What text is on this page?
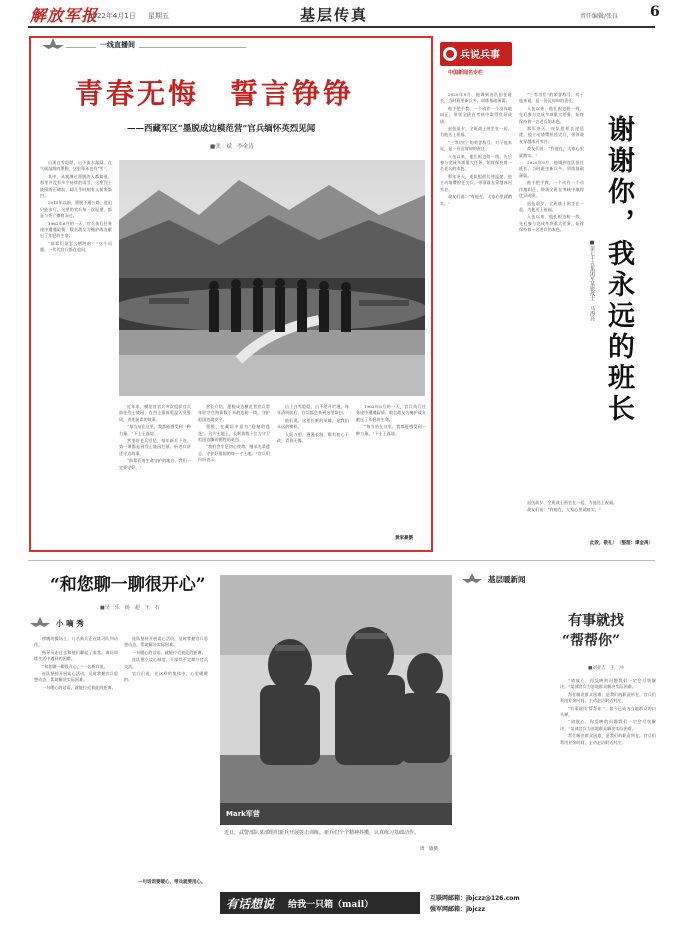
解放军报
2022年4月1日 星期五	基层传真	责任编辑/张良 6
一线直播间
青春无悔　誓言铮铮
——西藏军区“墨脱成边模范营”官兵缅怀英烈见闻
■张　斌　李金涛

山顶白雪皑皑，山下流水潺潺。在气候湿润的墨脱，这里每年也有“雪”。

其中，从观测过墨脱的人都知道，那里并没有多少持续的雨雪，这座烈士陵园的石碑前，却几乎时刻有人前来祭扫。

2015年以前，墨脱不通公路，进出只能步行。这里的官兵每一次巡逻，都是与死亡擦肩而过。

1962年6月的一天，官兵执行任务途中遭遇险情，数名战友为掩护战友献出了年轻的生命。

“前辈们是怎么牺牲的？”这个问题，一代代官兵都在追问。

近年来，模范营官兵多次组织官兵前往烈士陵园，在烈士墓前重温入党誓词，讲述前辈的故事。

“每当站在这里，我都能感受到一种力量。”下士王磊说。

营里的老兵回忆，每年新兵下连，第一课都是到烈士陵园扫墓，听老兵讲述守边故事。

“前辈们用生命守护的地方，我们一定要守好。”

营长介绍，墨脱成边模范营官兵常年驻守在海拔数千米的边防一线，守护祖国边境安宁。

墨脱，在藏语中意为“隐秘的莲花”。这片土地上，长眠着数十位为守卫祖国边疆而牺牲的英烈。

“我们会牢记初心使命，继承先辈遗志，守护好祖国的每一寸土地。”官兵们纷纷表示。

山上白雪皑皑，山下花开烂漫。每年清明前后，官兵都会来到这里祭扫。

他们说，这里长眠的英雄，是我们永远的榜样。

人间万里，漫漫长路，唯有初心不改，青春无悔。

1962年6月的一天，官兵执行任务途中遭遇险情，数名战友为掩护战友献出了年轻的生命。

“每当站在这里，我都能感受到一种力量。”下士王磊说。

黄家豪摄
兵说兵事
中国新闻名专栏

“三等功臣”的荣誉称号，对于他来说，是一份沉甸甸的责任。

入伍以来，他扎根边防一线，先后参与完成多项重大任务，始终保持着一名老兵的本色。

那年冬天，连队组织长途巡逻，他主动请缨担任尖兵，带领战友穿越冰河雪谷。

战友们说：“有他在，大家心里就踏实。”

2020年9月，他调到连队担任班长，当时班里新兵多，训练基础薄弱。

他手把手教，一个动作一个动作地纠正，带领全班在考核中取得优异成绩。

退伍前夕，全班战士围坐在一起，为他送上祝福。

入伍以来，他扎根边防一线，先后参与完成多项重大任务，始终保持着一名老兵的本色。

2020年9月，他调到连队担任班长，当时班里新兵多，训练基础薄弱。

他手把手教，一个动作一个动作地纠正，带领全班在考核中取得优异成绩。

退伍前夕，全班战士围坐在一起，为他送上祝福。

“三等功臣”的荣誉称号，对于他来说，是一份沉甸甸的责任。

入伍以来，他扎根边防一线，先后参与完成多项重大任务，始终保持着一名老兵的本色。

那年冬天，连队组织长途巡逻，他主动请缨担任尖兵，带领战友穿越冰河雪谷。

战友们说：“有他在，大家心里就踏实。”

退伍前夕，全班战士围坐在一起，为他送上祝福。

战友们说：“有他在，大家心里就踏实。”

此致，敬礼！（整理：谭金禹）
谢谢你，我永远的班长
■第七十五集团军某旅战士　马海亮
“和您聊一聊很开心”
■吴　乐　杨　超　王　石
小 嘀 秀

傍晚的操场上，几名新兵正在练习队列动作。

指导员走过去和他们聊起了家常，询问训练生活中遇到的困难。

“和您聊一聊很开心。”一名新兵说。

连队坚持开展谈心活动，及时掌握官兵思想动态，帮助解决实际困难。

一句暖心的话语，就能拉近彼此的距离。

连队坚持开展谈心活动，及时掌握官兵思想动态，帮助解决实际困难。

一句暖心的话语，就能拉近彼此的距离。

连队建立谈心制度，干部骨干定期与官兵交流。

官兵们说，在这样的集体中，心里暖暖的。

—句话语要暖心，带兵就要用心。
Mark军营
近日，武警部队某部组织新兵开展射击训练。新兵们个个精神抖擞，认真练习基础动作。
周　敏摄
基层暖新闻
有事就找
“帮帮你”
■刘亚吉　王　冲

“请放心，你反映的问题我们一定会尽快解决。”某部官兵为驻地群众解决实际困难。

帮忙解决群众困难，是我们的职责所在。官兵们利用业余时间，主动走访附近村庄。

“有事就找‘帮帮你’”，如今已成为当地群众的口头禅。

“请放心，你反映的问题我们一定会尽快解决。”某部官兵为驻地群众解决实际困难。

帮忙解决群众困难，是我们的职责所在。官兵们利用业余时间，主动走访附近村庄。

有话想说 给我一只箱（mail）
互联网邮箱：jbjczz@126.com
强军网邮箱：jbjczz
